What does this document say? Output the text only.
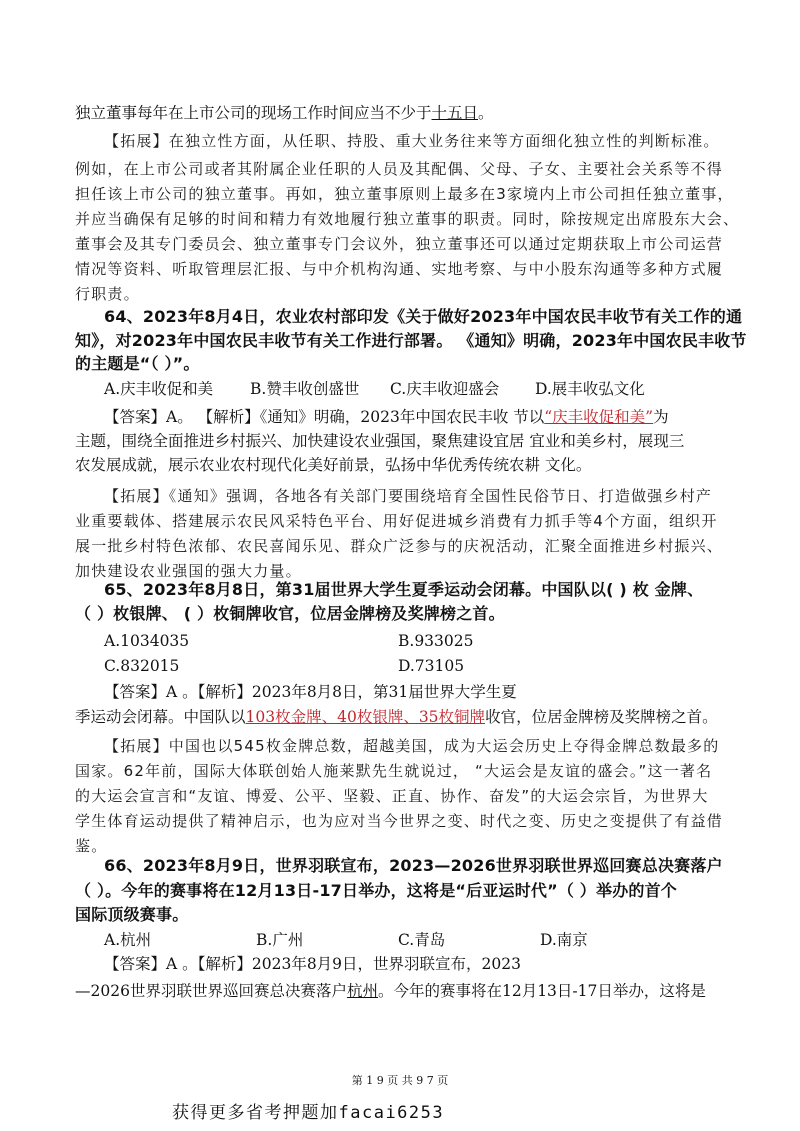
独立董事每年在上市公司的现场工作时间应当不少于十五日。
【拓展】在独立性方面，从任职、持股、重大业务往来等方面细化独立性的判断标准。
例如，在上市公司或者其附属企业任职的人员及其配偶、父母、子女、主要社会关系等不得
担任该上市公司的独立董事。再如，独立董事原则上最多在3家境内上市公司担任独立董事，
并应当确保有足够的时间和精力有效地履行独立董事的职责。同时，除按规定出席股东大会、
董事会及其专门委员会、独立董事专门会议外，独立董事还可以通过定期获取上市公司运营
情况等资料、听取管理层汇报、与中介机构沟通、实地考察、与中小股东沟通等多种方式履
行职责。
64、2023年8月4日，农业农村部印发《关于做好2023年中国农民丰收节有关工作的通
知》，对2023年中国农民丰收节有关工作进行部署。 《通知》明确，2023年中国农民丰收节
的主题是“（ ）”。
A.庆丰收促和美 B.赞丰收创盛世 C.庆丰收迎盛会 D.展丰收弘文化
【答案】A。 【解析】《通知》明确，2023年中国农民丰收 节以“庆丰收促和美”为
主题，围绕全面推进乡村振兴、加快建设农业强国，聚焦建设宜居 宜业和美乡村，展现三
农发展成就，展示农业农村现代化美好前景，弘扬中华优秀传统农耕 文化。
【拓展】《通知》强调，各地各有关部门要围绕培育全国性民俗节日、打造做强乡村产
业重要载体、搭建展示农民风采特色平台、用好促进城乡消费有力抓手等4个方面，组织开
展一批乡村特色浓郁、农民喜闻乐见、群众广泛参与的庆祝活动，汇聚全面推进乡村振兴、
加快建设农业强国的强大力量。
65、2023年8月8日，第31届世界大学生夏季运动会闭幕。中国队以( ) 枚 金牌、
（ ）枚银牌、 ( ）枚铜牌收官，位居金牌榜及奖牌榜之首。
A.1034035	B.933025
C.832015	D.73105
【答案】A 。【解析】2023年8月8日，第31届世界大学生夏
季运动会闭幕。中国队以103枚金牌、40枚银牌、35枚铜牌收官，位居金牌榜及奖牌榜之首。
【拓展】中国也以545枚金牌总数，超越美国，成为大运会历史上夺得金牌总数最多的
国家。62年前，国际大体联创始人施莱默先生就说过， “大运会是友谊的盛会。”这一著名
的大运会宣言和“友谊、博爱、公平、坚毅、正直、协作、奋发”的大运会宗旨，为世界大
学生体育运动提供了精神启示，也为应对当今世界之变、时代之变、历史之变提供了有益借
鉴。
66、2023年8月9日，世界羽联宣布，2023—2026世界羽联世界巡回赛总决赛落户
（ ）。今年的赛事将在12月13日-17日举办，这将是“后亚运时代”（ ）举办的首个
国际顶级赛事。
A.杭州	B.广州	C.青岛	D.南京
【答案】A 。【解析】2023年8月9日，世界羽联宣布，2023
—2026世界羽联世界巡回赛总决赛落户杭州。今年的赛事将在12月13日-17日举办，这将是
第 1 9 页 共 9 7 页
获得更多省考押题加facai6253
